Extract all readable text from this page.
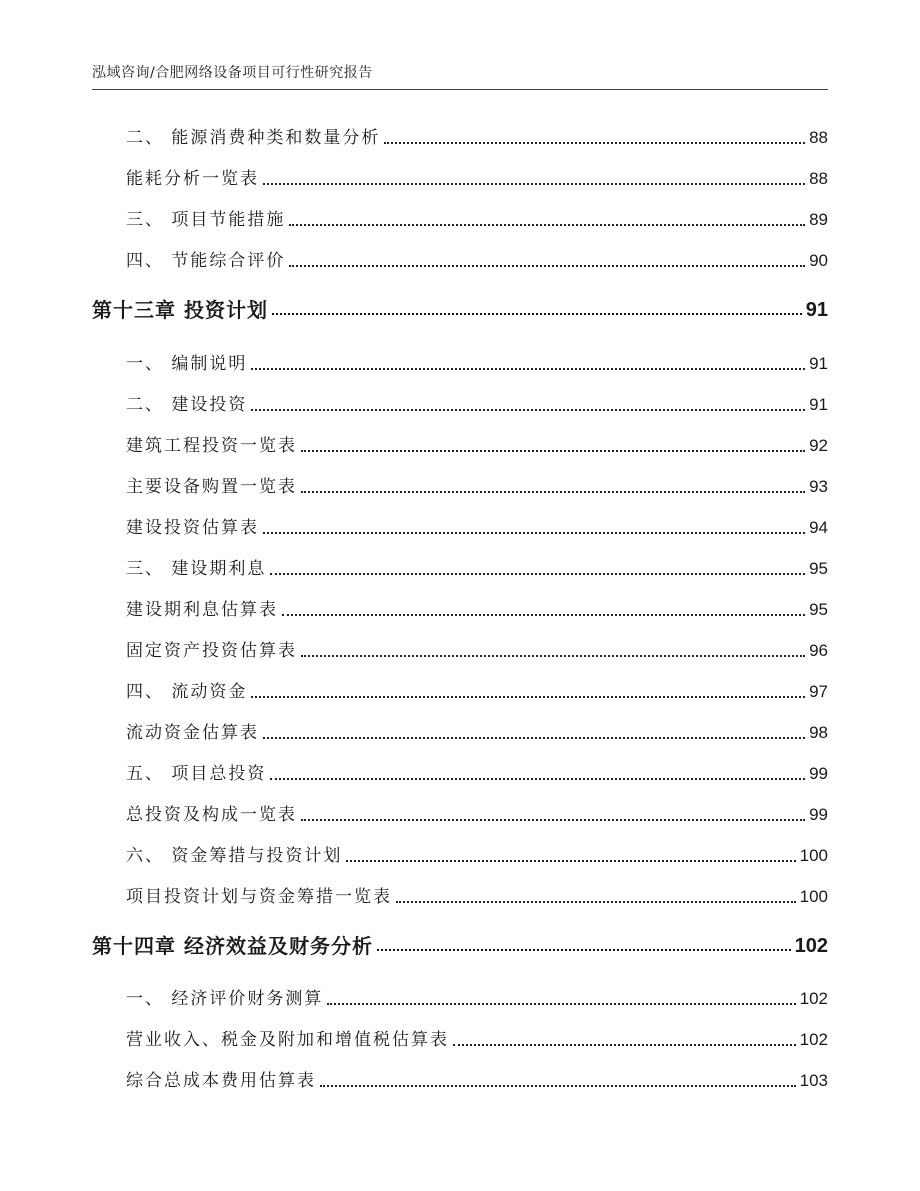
泓域咨询/合肥网络设备项目可行性研究报告
二、 能源消费种类和数量分析	88
能耗分析一览表	88
三、 项目节能措施	89
四、 节能综合评价	90
第十三章 投资计划	91
一、 编制说明	91
二、 建设投资	91
建筑工程投资一览表	92
主要设备购置一览表	93
建设投资估算表	94
三、 建设期利息	95
建设期利息估算表	95
固定资产投资估算表	96
四、 流动资金	97
流动资金估算表	98
五、 项目总投资	99
总投资及构成一览表	99
六、 资金筹措与投资计划	100
项目投资计划与资金筹措一览表	100
第十四章 经济效益及财务分析	102
一、 经济评价财务测算	102
营业收入、税金及附加和增值税估算表	102
综合总成本费用估算表	103
